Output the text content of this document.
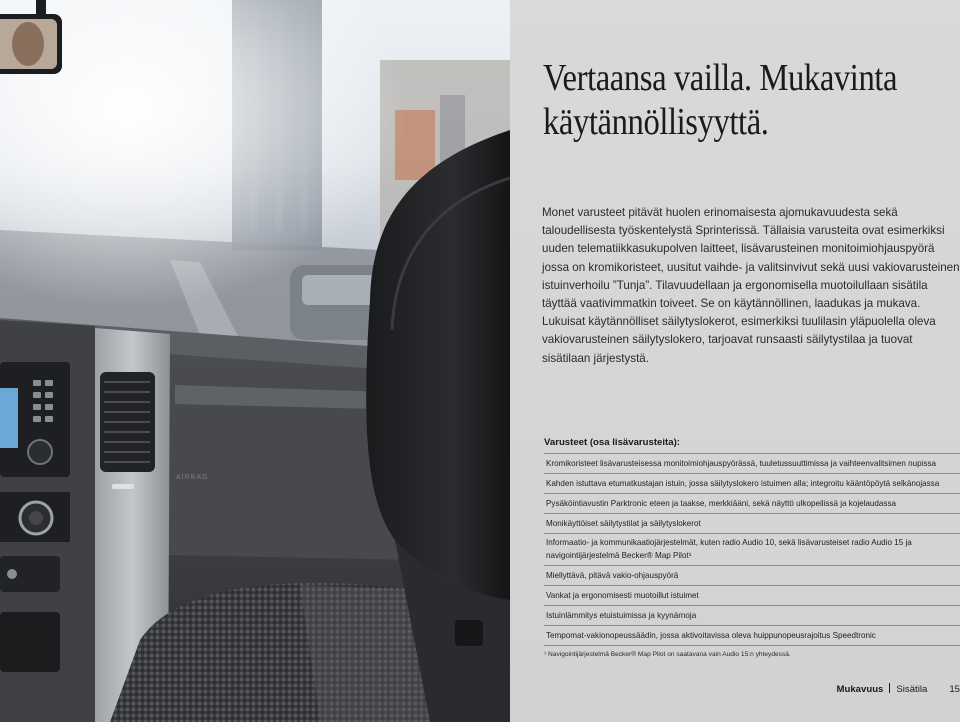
AIRBAG
Vertaansa vailla. Mukavinta
käytännöllisyyttä.

Monet varusteet pitävät huolen erinomaisesta ajomukavuudesta sekä taloudellisesta työskentelystä Sprinterissä. Tällaisia varusteita ovat esimerkiksi uuden telematiikkasukupolven laitteet, lisävarusteinen monitoimiohjauspyörä jossa on kromikoristeet, uusitut vaihde- ja valitsinvivut sekä uusi vakiovarusteinen istuinverhoilu ”Tunja”. Tilavuudellaan ja ergonomisella muotoilullaan sisätila täyttää vaativimmatkin toiveet. Se on käytännöllinen, laadukas ja mukava. Lukuisat käytännölliset säilytyslokerot, esimerkiksi tuulilasin yläpuolella oleva vakiovarusteinen säilytyslokero, tarjoavat runsaasti säilytystilaa ja tuovat sisätilaan järjestystä.

Varusteet (osa lisävarusteita):

Kromikoristeet lisävarusteisessa monitoimiohjauspyörässä, tuuletussuuttimissa ja vaihteenvalitsimen nupissa
Kahden istuttava etumatkustajan istuin, jossa säilytyslokero istuimen alla; integroitu kääntöpöytä selkänojassa
Pysäköintiavustin Parktronic eteen ja taakse, merkkiääni, sekä näyttö ulkopeilissä ja kojelaudassa
Monikäyttöiset säilytystilat ja säilytyslokerot
Informaatio- ja kommunikaatiojärjestelmät, kuten radio Audio 10, sekä lisävarusteiset radio Audio 15 ja navigointijärjestelmä Becker® Map Pilot¹
Miellyttävä, pitävä vakio-ohjauspyörä
Vankat ja ergonomisesti muotoillut istuimet
Istuinlämmitys etuistuimissa ja kyynärnoja
Tempomat-vakionopeussäädin, jossa aktivoitavissa oleva huippunopeusrajoitus Speedtronic

¹ Navigointijärjestelmä Becker® Map Pilot on saatavana vain Audio 15:n yhteydessä.

Mukavuus Sisätila 15
